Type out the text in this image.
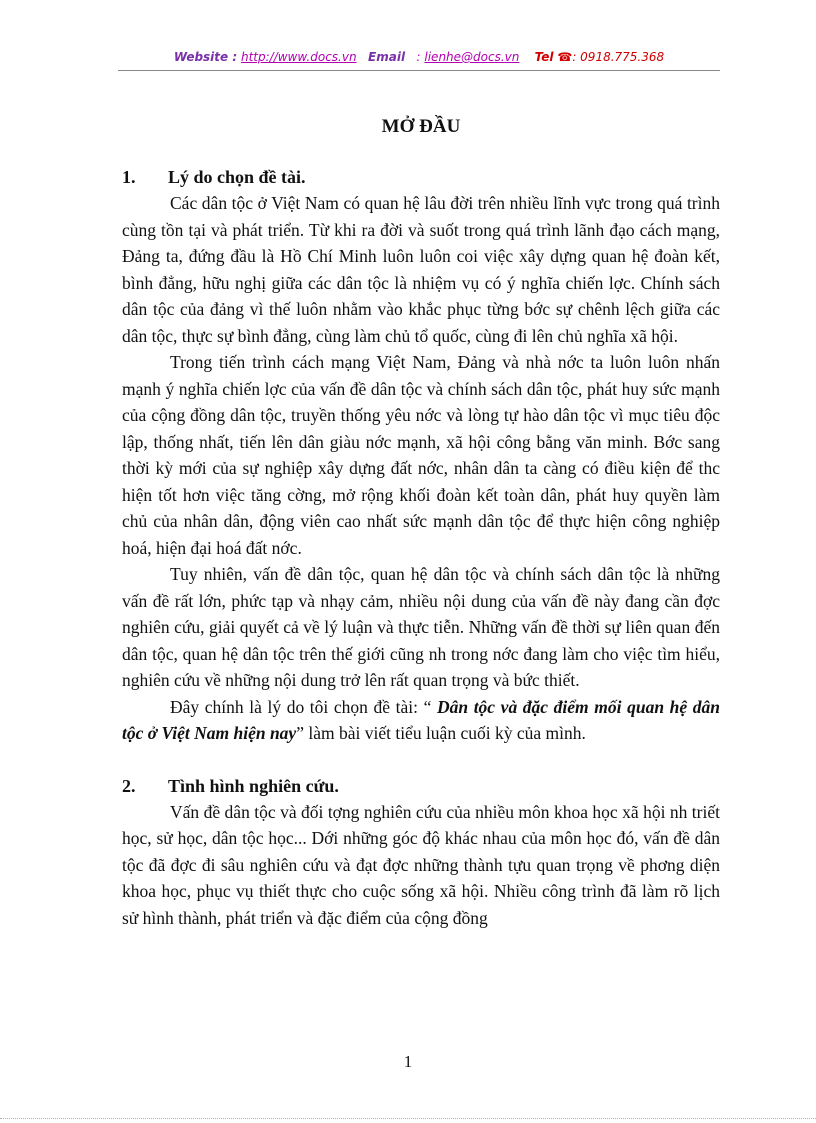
Website : http://www.docs.vn Email : lienhe@docs.vn Tel ☎: 0918.775.368
MỞ ĐẦU
1.	Lý do chọn đề tài.

Các dân tộc ở Việt Nam có quan hệ lâu đời trên nhiều lĩnh vực trong quá trình cùng tồn tại và phát triển. Từ khi ra đời và suốt trong quá trình lãnh đạo cách mạng, Đảng ta, đứng đầu là Hồ Chí Minh luôn luôn coi việc xây dựng quan hệ đoàn kết, bình đẳng, hữu nghị giữa các dân tộc là nhiệm vụ có ý nghĩa chiến lợc. Chính sách dân tộc của đảng vì thế luôn nhằm vào khắc phục từng bớc sự chênh lệch giữa các dân tộc, thực sự bình đẳng, cùng làm chủ tổ quốc, cùng đi lên chủ nghĩa xã hội.

Trong tiến trình cách mạng Việt Nam, Đảng và nhà nớc ta luôn luôn nhấn mạnh ý nghĩa chiến lợc của vấn đề dân tộc và chính sách dân tộc, phát huy sức mạnh của cộng đồng dân tộc, truyền thống yêu nớc và lòng tự hào dân tộc vì mục tiêu độc lập, thống nhất, tiến lên dân giàu nớc mạnh, xã hội công bằng văn minh. Bớc sang thời kỳ mới của sự nghiệp xây dựng đất nớc, nhân dân ta càng có điều kiện để thc hiện tốt hơn việc tăng cờng, mở rộng khối đoàn kết toàn dân, phát huy quyền làm chủ của nhân dân, động viên cao nhất sức mạnh dân tộc để thực hiện công nghiệp hoá, hiện đại hoá đất nớc.

Tuy nhiên, vấn đề dân tộc, quan hệ dân tộc và chính sách dân tộc là những vấn đề rất lớn, phức tạp và nhạy cảm, nhiều nội dung của vấn đề này đang cần đợc nghiên cứu, giải quyết cả về lý luận và thực tiễn. Những vấn đề thời sự liên quan đến dân tộc, quan hệ dân tộc trên thế giới cũng nh trong nớc đang làm cho việc tìm hiểu, nghiên cứu về những nội dung trở lên rất quan trọng và bức thiết.

Đây chính là lý do tôi chọn đề tài: “ Dân tộc và đặc điểm mối quan hệ dân tộc ở Việt Nam hiện nay” làm bài viết tiểu luận cuối kỳ của mình.

2.	Tình hình nghiên cứu.

Vấn đề dân tộc và đối tợng nghiên cứu của nhiều môn khoa học xã hội nh triết học, sử học, dân tộc học... Dới những góc độ khác nhau của môn học đó, vấn đề dân tộc đã đợc đi sâu nghiên cứu và đạt đợc những thành tựu quan trọng về phơng diện khoa học, phục vụ thiết thực cho cuộc sống xã hội. Nhiều công trình đã làm rõ lịch sử hình thành, phát triển và đặc điểm của cộng đồng

1
